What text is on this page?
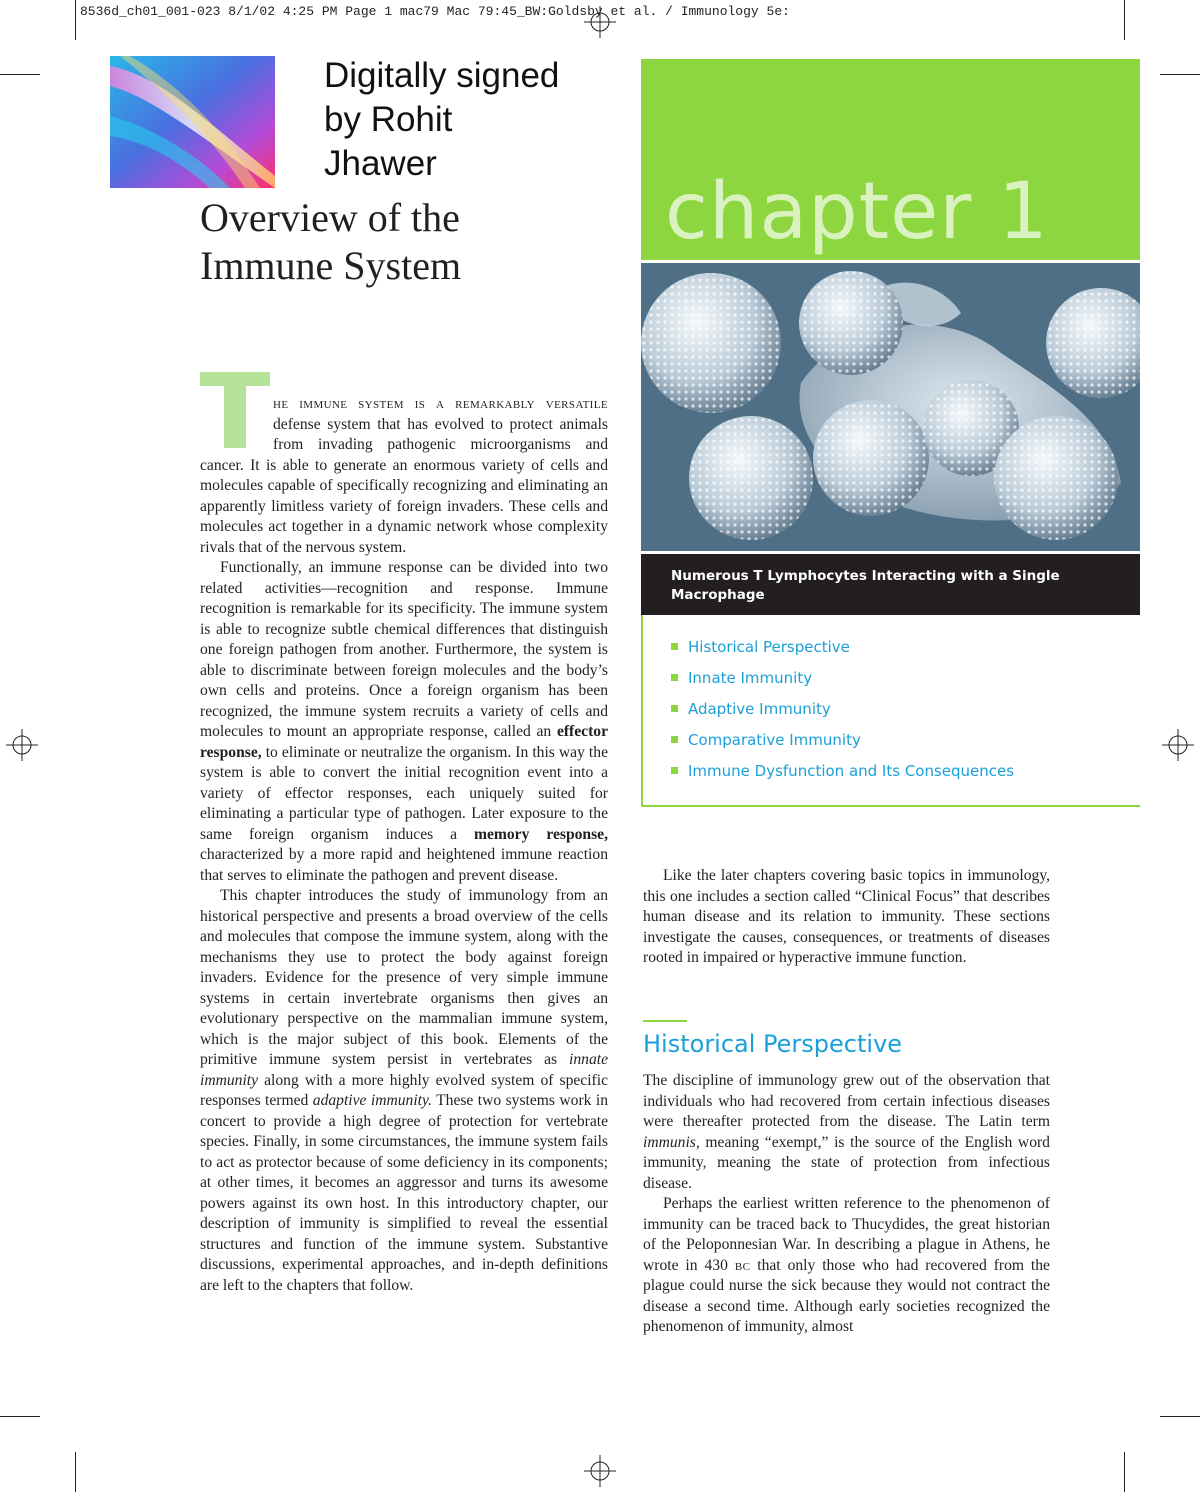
8536d_ch01_001-023 8/1/02 4:25 PM Page 1 mac79 Mac 79:45_BW:Goldsby et al. / Immunology 5e:
Digitally signed
by Rohit
Jhawer
Overview of the
Immune System

he immune system is a remarkably versatile defense system that has evolved to protect animals from invading pathogenic microorganisms and cancer. It is able to generate an enormous variety of cells and molecules capable of specifically recognizing and eliminating an apparently limitless variety of foreign invaders. These cells and molecules act together in a dynamic network whose complexity rivals that of the nervous system.

Functionally, an immune response can be divided into two related activities—recognition and response. Immune recognition is remarkable for its specificity. The immune system is able to recognize subtle chemical differences that distinguish one foreign pathogen from another. Furthermore, the system is able to discriminate between foreign molecules and the body’s own cells and proteins. Once a foreign organism has been recognized, the immune system recruits a variety of cells and molecules to mount an appropriate response, called an effector response, to eliminate or neutralize the organism. In this way the system is able to convert the initial recognition event into a variety of effector responses, each uniquely suited for eliminating a particular type of pathogen. Later exposure to the same foreign organism induces a memory response, characterized by a more rapid and heightened immune reaction that serves to eliminate the pathogen and prevent disease.

This chapter introduces the study of immunology from an historical perspective and presents a broad overview of the cells and molecules that compose the immune system, along with the mechanisms they use to protect the body against foreign invaders. Evidence for the presence of very simple immune systems in certain invertebrate organisms then gives an evolutionary perspective on the mammalian immune system, which is the major subject of this book. Elements of the primitive immune system persist in vertebrates as innate immunity along with a more highly evolved system of specific responses termed adaptive immunity. These two systems work in concert to provide a high degree of protection for vertebrate species. Finally, in some circumstances, the immune system fails to act as protector because of some deficiency in its components; at other times, it becomes an aggressor and turns its awesome powers against its own host. In this introductory chapter, our description of immunity is simplified to reveal the essential structures and function of the immune system. Substantive discussions, experimental approaches, and in-depth definitions are left to the chapters that follow.

chapter 1
Numerous T Lymphocytes Interacting with a Single
Macrophage
Historical Perspective
Innate Immunity
Adaptive Immunity
Comparative Immunity
Immune Dysfunction and Its Consequences

Like the later chapters covering basic topics in immunology, this one includes a section called “Clinical Focus” that describes human disease and its relation to immunity. These sections investigate the causes, consequences, or treatments of diseases rooted in impaired or hyperactive immune function.

Historical Perspective

The discipline of immunology grew out of the observation that individuals who had recovered from certain infectious diseases were thereafter protected from the disease. The Latin term immunis, meaning “exempt,” is the source of the English word immunity, meaning the state of protection from infectious disease.

Perhaps the earliest written reference to the phenomenon of immunity can be traced back to Thucydides, the great historian of the Peloponnesian War. In describing a plague in Athens, he wrote in 430 bc that only those who had recovered from the plague could nurse the sick because they would not contract the disease a second time. Although early societies recognized the phenomenon of immunity, almost
